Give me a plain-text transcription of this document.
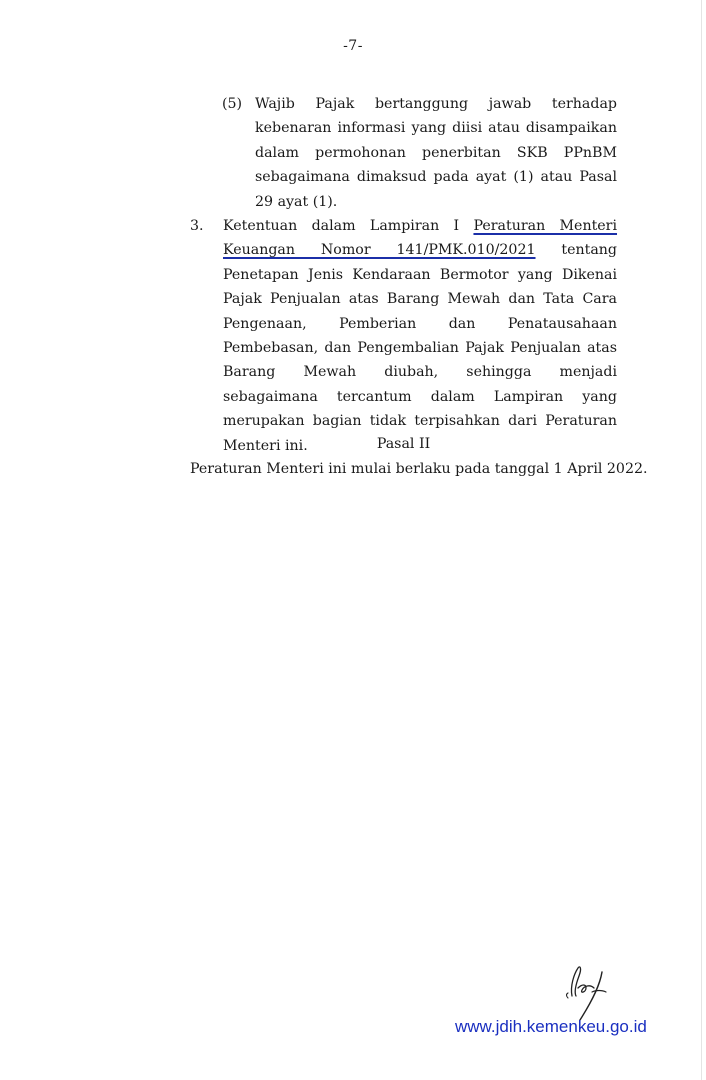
-7-
(5) Wajib Pajak bertanggung jawab terhadap kebenaran informasi yang diisi atau disampaikan dalam permohonan penerbitan SKB PPnBM sebagaimana dimaksud pada ayat (1) atau Pasal 29 ayat (1).
3. Ketentuan dalam Lampiran I Peraturan Menteri Keuangan Nomor 141/PMK.010/2021 tentang Penetapan Jenis Kendaraan Bermotor yang Dikenai Pajak Penjualan atas Barang Mewah dan Tata Cara Pengenaan, Pemberian dan Penatausahaan Pembebasan, dan Pengembalian Pajak Penjualan atas Barang Mewah diubah, sehingga menjadi sebagaimana tercantum dalam Lampiran yang merupakan bagian tidak terpisahkan dari Peraturan Menteri ini.	Pasal II
Peraturan Menteri ini mulai berlaku pada tanggal 1 April 2022.
www.jdih.kemenkeu.go.id
